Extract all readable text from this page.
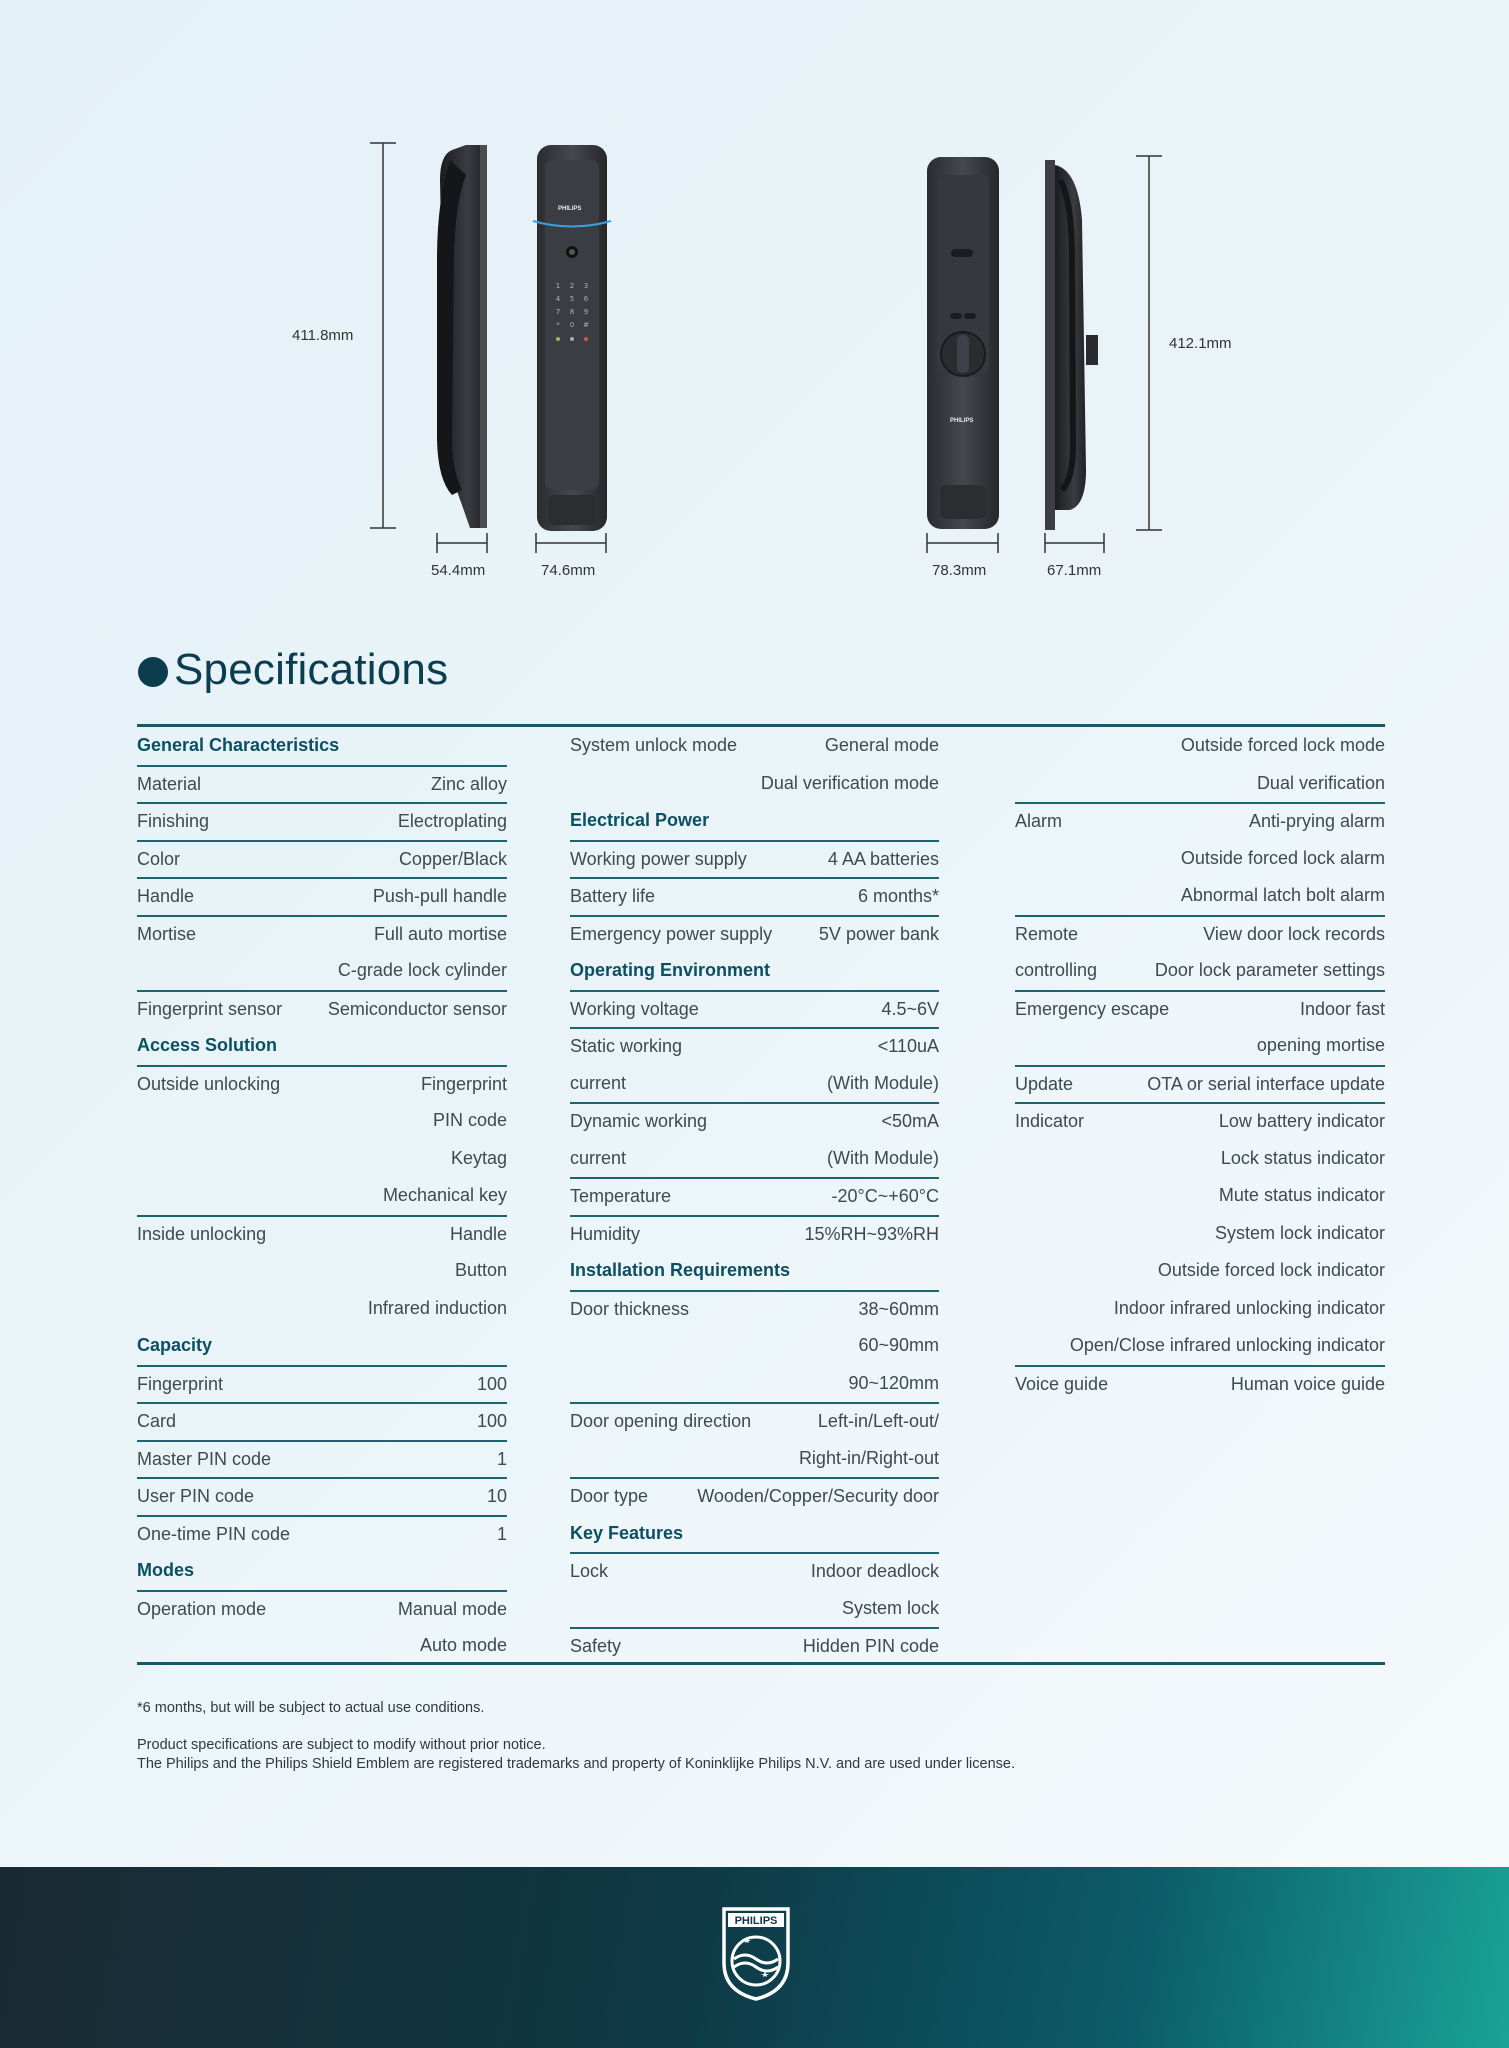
1 2 3
4 5 6
7 8 9
* 0 #
PHILIPS
PHILIPS
411.8mm	412.1mm
54.4mm	74.6mm	78.3mm	67.1mm
Specifications
General Characteristics
Material	Zinc alloy
Finishing	Electroplating
Color	Copper/Black
Handle	Push-pull handle
Mortise	Full auto mortise
C-grade lock cylinder
Fingerprint sensor	Semiconductor sensor
Access Solution
Outside unlocking	Fingerprint
PIN code
Keytag
Mechanical key
Inside unlocking	Handle
Button
Infrared induction
Capacity
Fingerprint	100
Card	100
Master PIN code	1
User PIN code	10
One-time PIN code	1
Modes
Operation mode	Manual mode
Auto mode
System unlock mode	General mode
Dual verification mode
Electrical Power
Working power supply	4 AA batteries
Battery life	6 months*
Emergency power supply	5V power bank
Operating Environment
Working voltage	4.5~6V
Static working	<110uA
current	(With Module)
Dynamic working	<50mA
current	(With Module)
Temperature	-20°C~+60°C
Humidity	15%RH~93%RH
Installation Requirements
Door thickness	38~60mm
60~90mm
90~120mm
Door opening direction	Left-in/Left-out/
Right-in/Right-out
Door type	Wooden/Copper/Security door
Key Features
Lock	Indoor deadlock
System lock
Safety	Hidden PIN code
Outside forced lock mode
Dual verification
Alarm	Anti-prying alarm
Outside forced lock alarm
Abnormal latch bolt alarm
Remote	View door lock records
controlling	Door lock parameter settings
Emergency escape	Indoor fast
opening mortise
Update	OTA or serial interface update
Indicator	Low battery indicator
Lock status indicator
Mute status indicator
System lock indicator
Outside forced lock indicator
Indoor infrared unlocking indicator
Open/Close infrared unlocking indicator
Voice guide	Human voice guide
*6 months, but will be subject to actual use conditions.
Product specifications are subject to modify without prior notice.
The Philips and the Philips Shield Emblem are registered trademarks and property of Koninklijke Philips N.V. and are used under license.
PHILIPS
